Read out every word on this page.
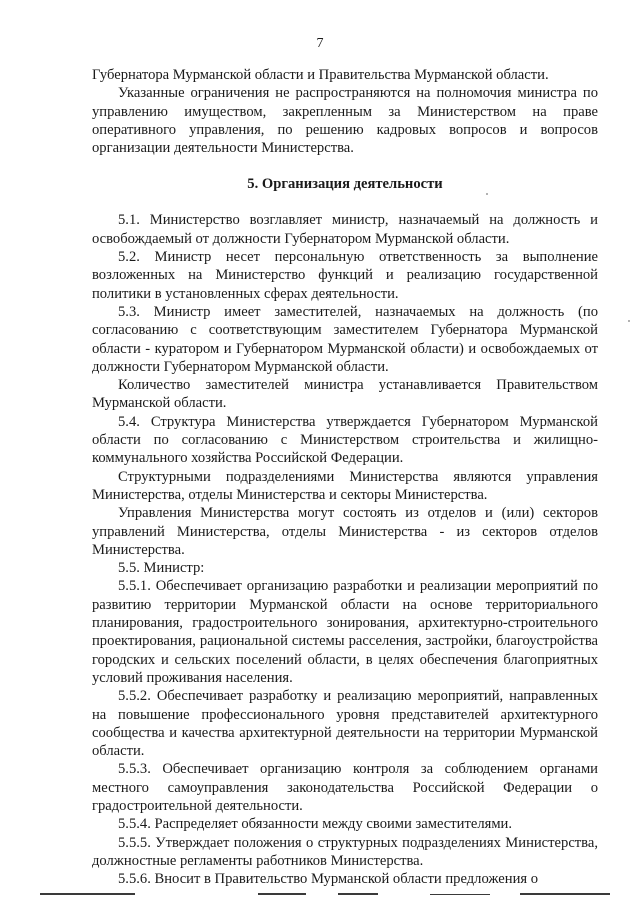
7

Губернатора Мурманской области и Правительства Мурманской области.

Указанные ограничения не распространяются на полномочия министра по управлению имуществом, закрепленным за Министерством на праве оперативного управления, по решению кадровых вопросов и вопросов организации деятельности Министерства.

5. Организация деятельности

5.1. Министерство возглавляет министр, назначаемый на должность и освобождаемый от должности Губернатором Мурманской области.

5.2. Министр несет персональную ответственность за выполнение возложенных на Министерство функций и реализацию государственной политики в установленных сферах деятельности.

5.3. Министр имеет заместителей, назначаемых на должность (по согласованию с соответствующим заместителем Губернатора Мурманской области - куратором и Губернатором Мурманской области) и освобождаемых от должности Губернатором Мурманской области.

Количество заместителей министра устанавливается Правительством Мурманской области.

5.4. Структура Министерства утверждается Губернатором Мурманской области по согласованию с Министерством строительства и жилищно-коммунального хозяйства Российской Федерации.

Структурными подразделениями Министерства являются управления Министерства, отделы Министерства и секторы Министерства.

Управления Министерства могут состоять из отделов и (или) секторов управлений Министерства, отделы Министерства - из секторов отделов Министерства.

5.5. Министр:

5.5.1. Обеспечивает организацию разработки и реализации мероприятий по развитию территории Мурманской области на основе территориального планирования, градостроительного зонирования, архитектурно-строительного проектирования, рациональной системы расселения, застройки, благоустройства городских и сельских поселений области, в целях обеспечения благоприятных условий проживания населения.

5.5.2. Обеспечивает разработку и реализацию мероприятий, направленных на повышение профессионального уровня представителей архитектурного сообщества и качества архитектурной деятельности на территории Мурманской области.

5.5.3. Обеспечивает организацию контроля за соблюдением органами местного самоуправления законодательства Российской Федерации о градостроительной деятельности.

5.5.4. Распределяет обязанности между своими заместителями.

5.5.5. Утверждает положения о структурных подразделениях Министерства, должностные регламенты работников Министерства.

5.5.6. Вносит в Правительство Мурманской области предложения о
